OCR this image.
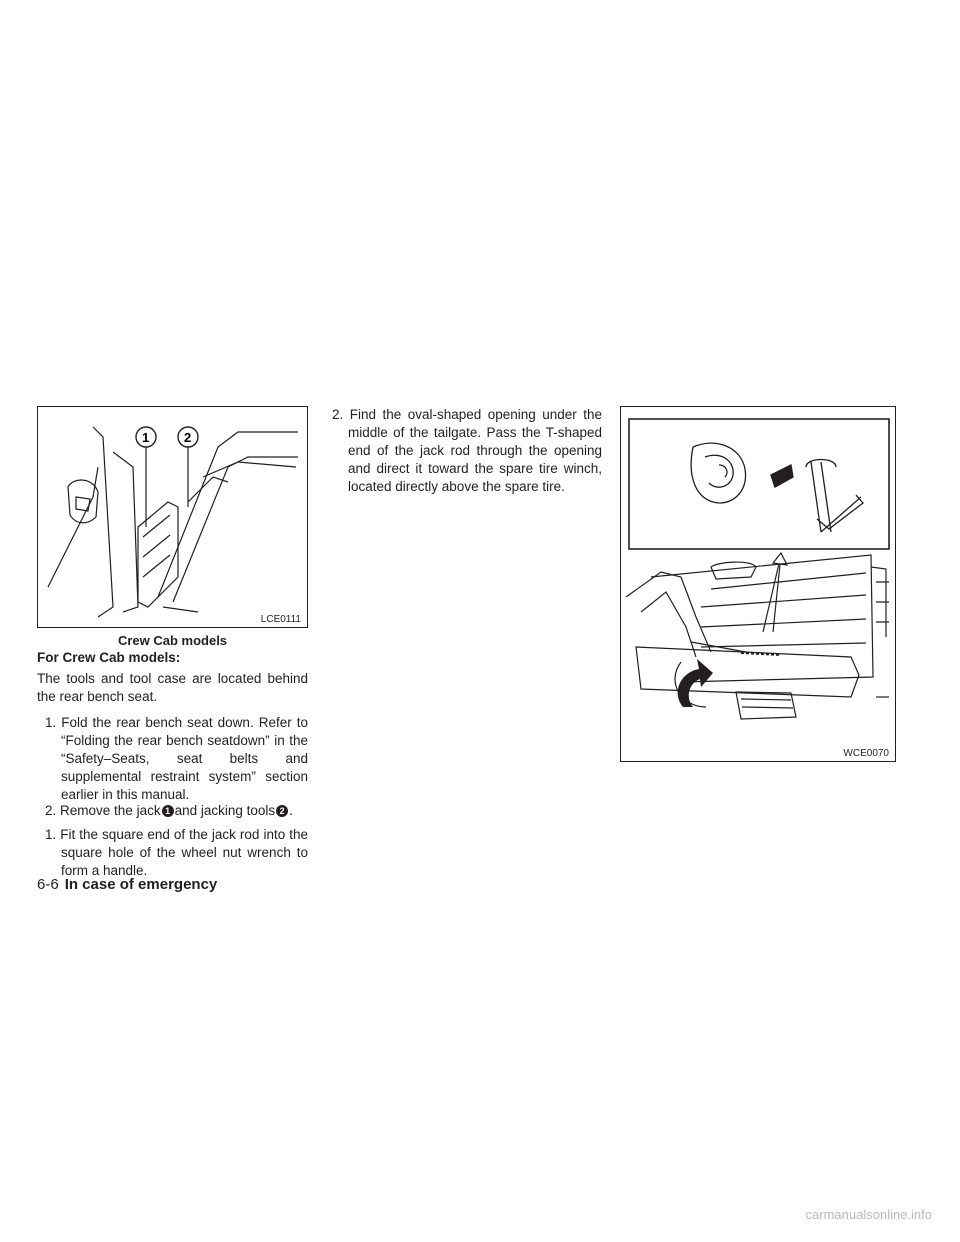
1	2
LCE0111
Crew Cab models
For Crew Cab models:

The tools and tool case are located behind the rear bench seat.

1. Fold the rear bench seat down. Refer to “Folding the rear bench seatdown” in the “Safety–Seats, seat belts and supplemental restraint system” section earlier in this manual.
2. Remove the jack 1 and jacking tools 2 .
1. Fit the square end of the jack rod into the square hole of the wheel nut wrench to form a handle.
2. Find the oval-shaped opening under the middle of the tailgate. Pass the T-shaped end of the jack rod through the opening and direct it toward the spare tire winch, located directly above the spare tire.
WCE0070
6-6 In case of emergency
carmanualsonline.info
